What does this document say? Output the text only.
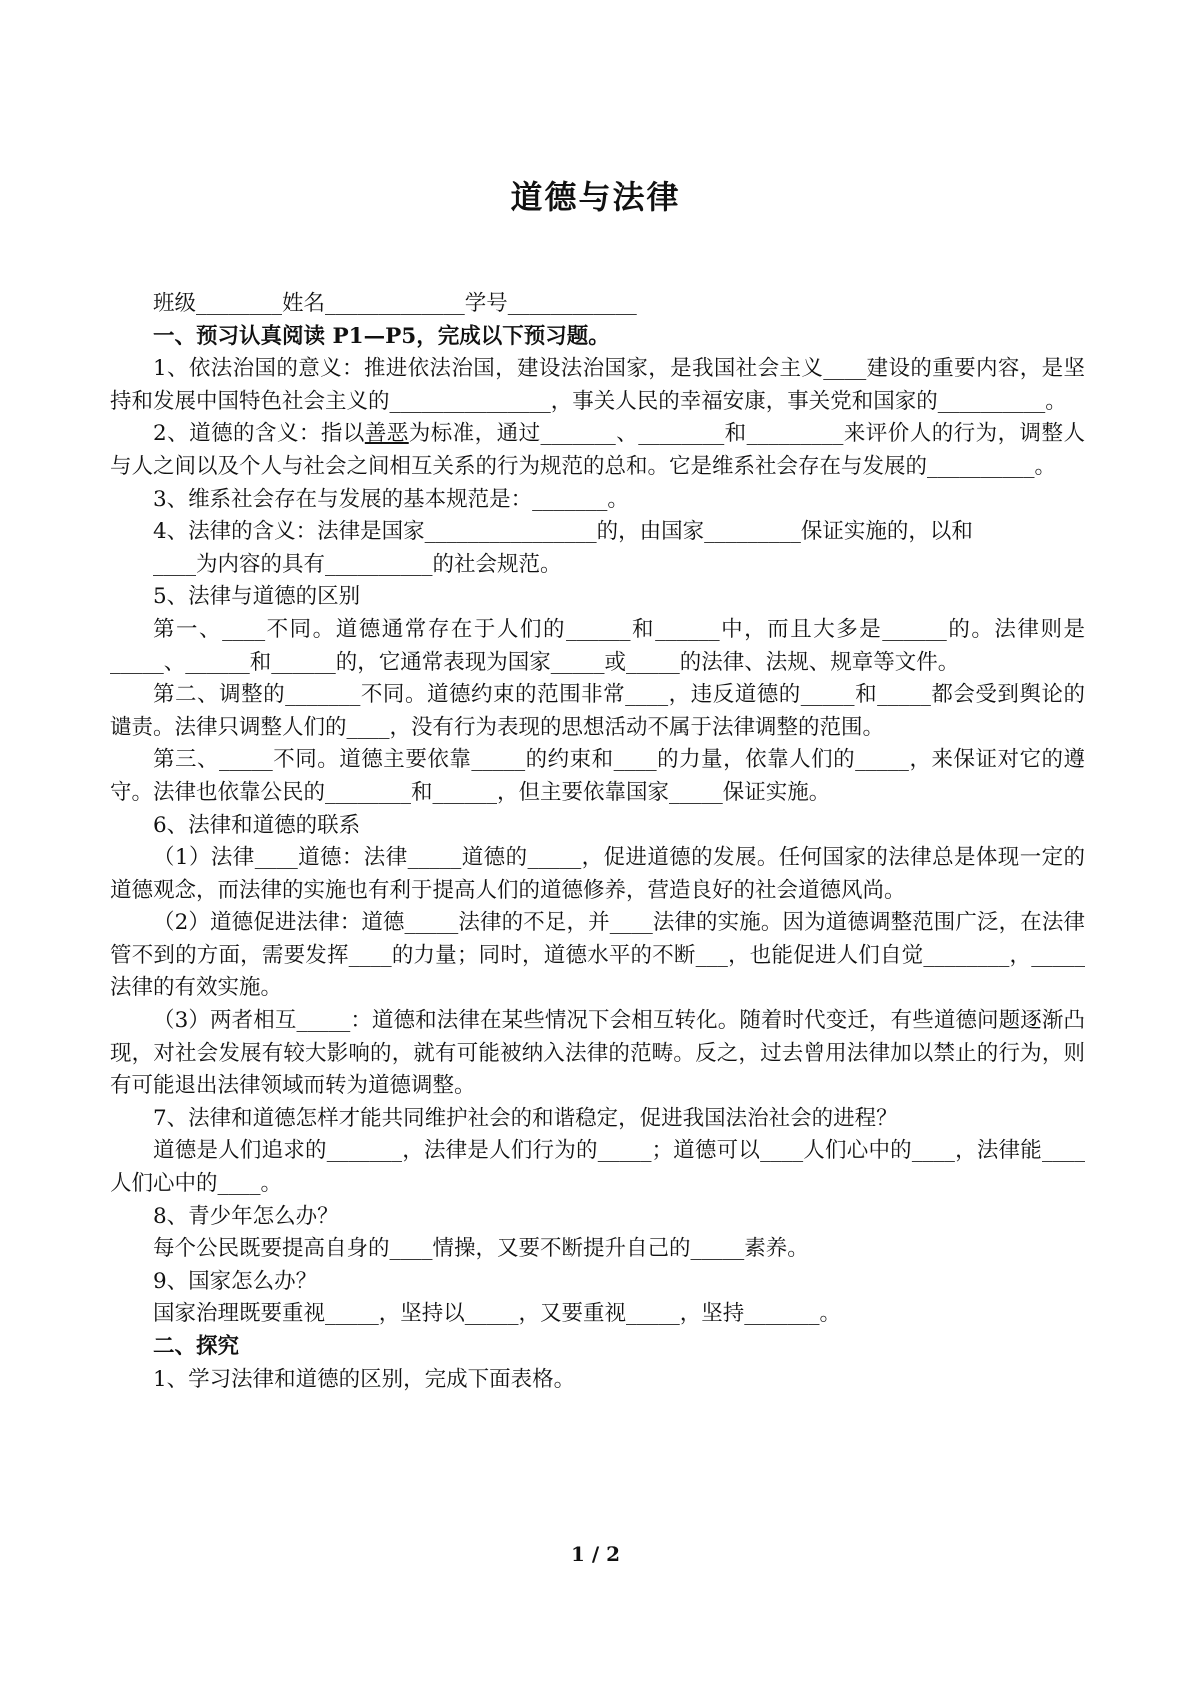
道德与法律

班级________姓名_____________学号____________

一、预习认真阅读 P1—P5，完成以下预习题。

1、依法治国的意义：推进依法治国，建设法治国家，是我国社会主义____建设的重要内容，是坚持和发展中国特色社会主义的_______________，事关人民的幸福安康，事关党和国家的__________。

2、道德的含义：指以善恶为标准，通过_______、________和_________来评价人的行为，调整人与人之间以及个人与社会之间相互关系的行为规范的总和。它是维系社会存在与发展的__________。

3、维系社会存在与发展的基本规范是：_______。

4、法律的含义：法律是国家________________的，由国家_________保证实施的，以和

____为内容的具有__________的社会规范。

5、法律与道德的区别

第一、____不同。道德通常存在于人们的______和______中，而且大多是______的。法律则是_____、______和______的，它通常表现为国家_____或_____的法律、法规、规章等文件。

第二、调整的_______不同。道德约束的范围非常____，违反道德的_____和_____都会受到舆论的谴责。法律只调整人们的____，没有行为表现的思想活动不属于法律调整的范围。

第三、_____不同。道德主要依靠_____的约束和____的力量，依靠人们的_____，来保证对它的遵守。法律也依靠公民的________和______，但主要依靠国家_____保证实施。

6、法律和道德的联系

（1）法律____道德：法律_____道德的_____，促进道德的发展。任何国家的法律总是体现一定的道德观念，而法律的实施也有利于提高人们的道德修养，营造良好的社会道德风尚。

（2）道德促进法律：道德_____法律的不足，并____法律的实施。因为道德调整范围广泛，在法律管不到的方面，需要发挥____的力量；同时，道德水平的不断___，也能促进人们自觉________，_____法律的有效实施。

（3）两者相互_____：道德和法律在某些情况下会相互转化。随着时代变迁，有些道德问题逐渐凸现，对社会发展有较大影响的，就有可能被纳入法律的范畴。反之，过去曾用法律加以禁止的行为，则有可能退出法律领域而转为道德调整。

7、法律和道德怎样才能共同维护社会的和谐稳定，促进我国法治社会的进程？

道德是人们追求的_______，法律是人们行为的_____；道德可以____人们心中的____，法律能____人们心中的____。

8、青少年怎么办？

每个公民既要提高自身的____情操，又要不断提升自己的_____素养。

9、国家怎么办？

国家治理既要重视_____，坚持以_____，又要重视_____，坚持_______。

二、探究

1、学习法律和道德的区别，完成下面表格。

1 / 2
